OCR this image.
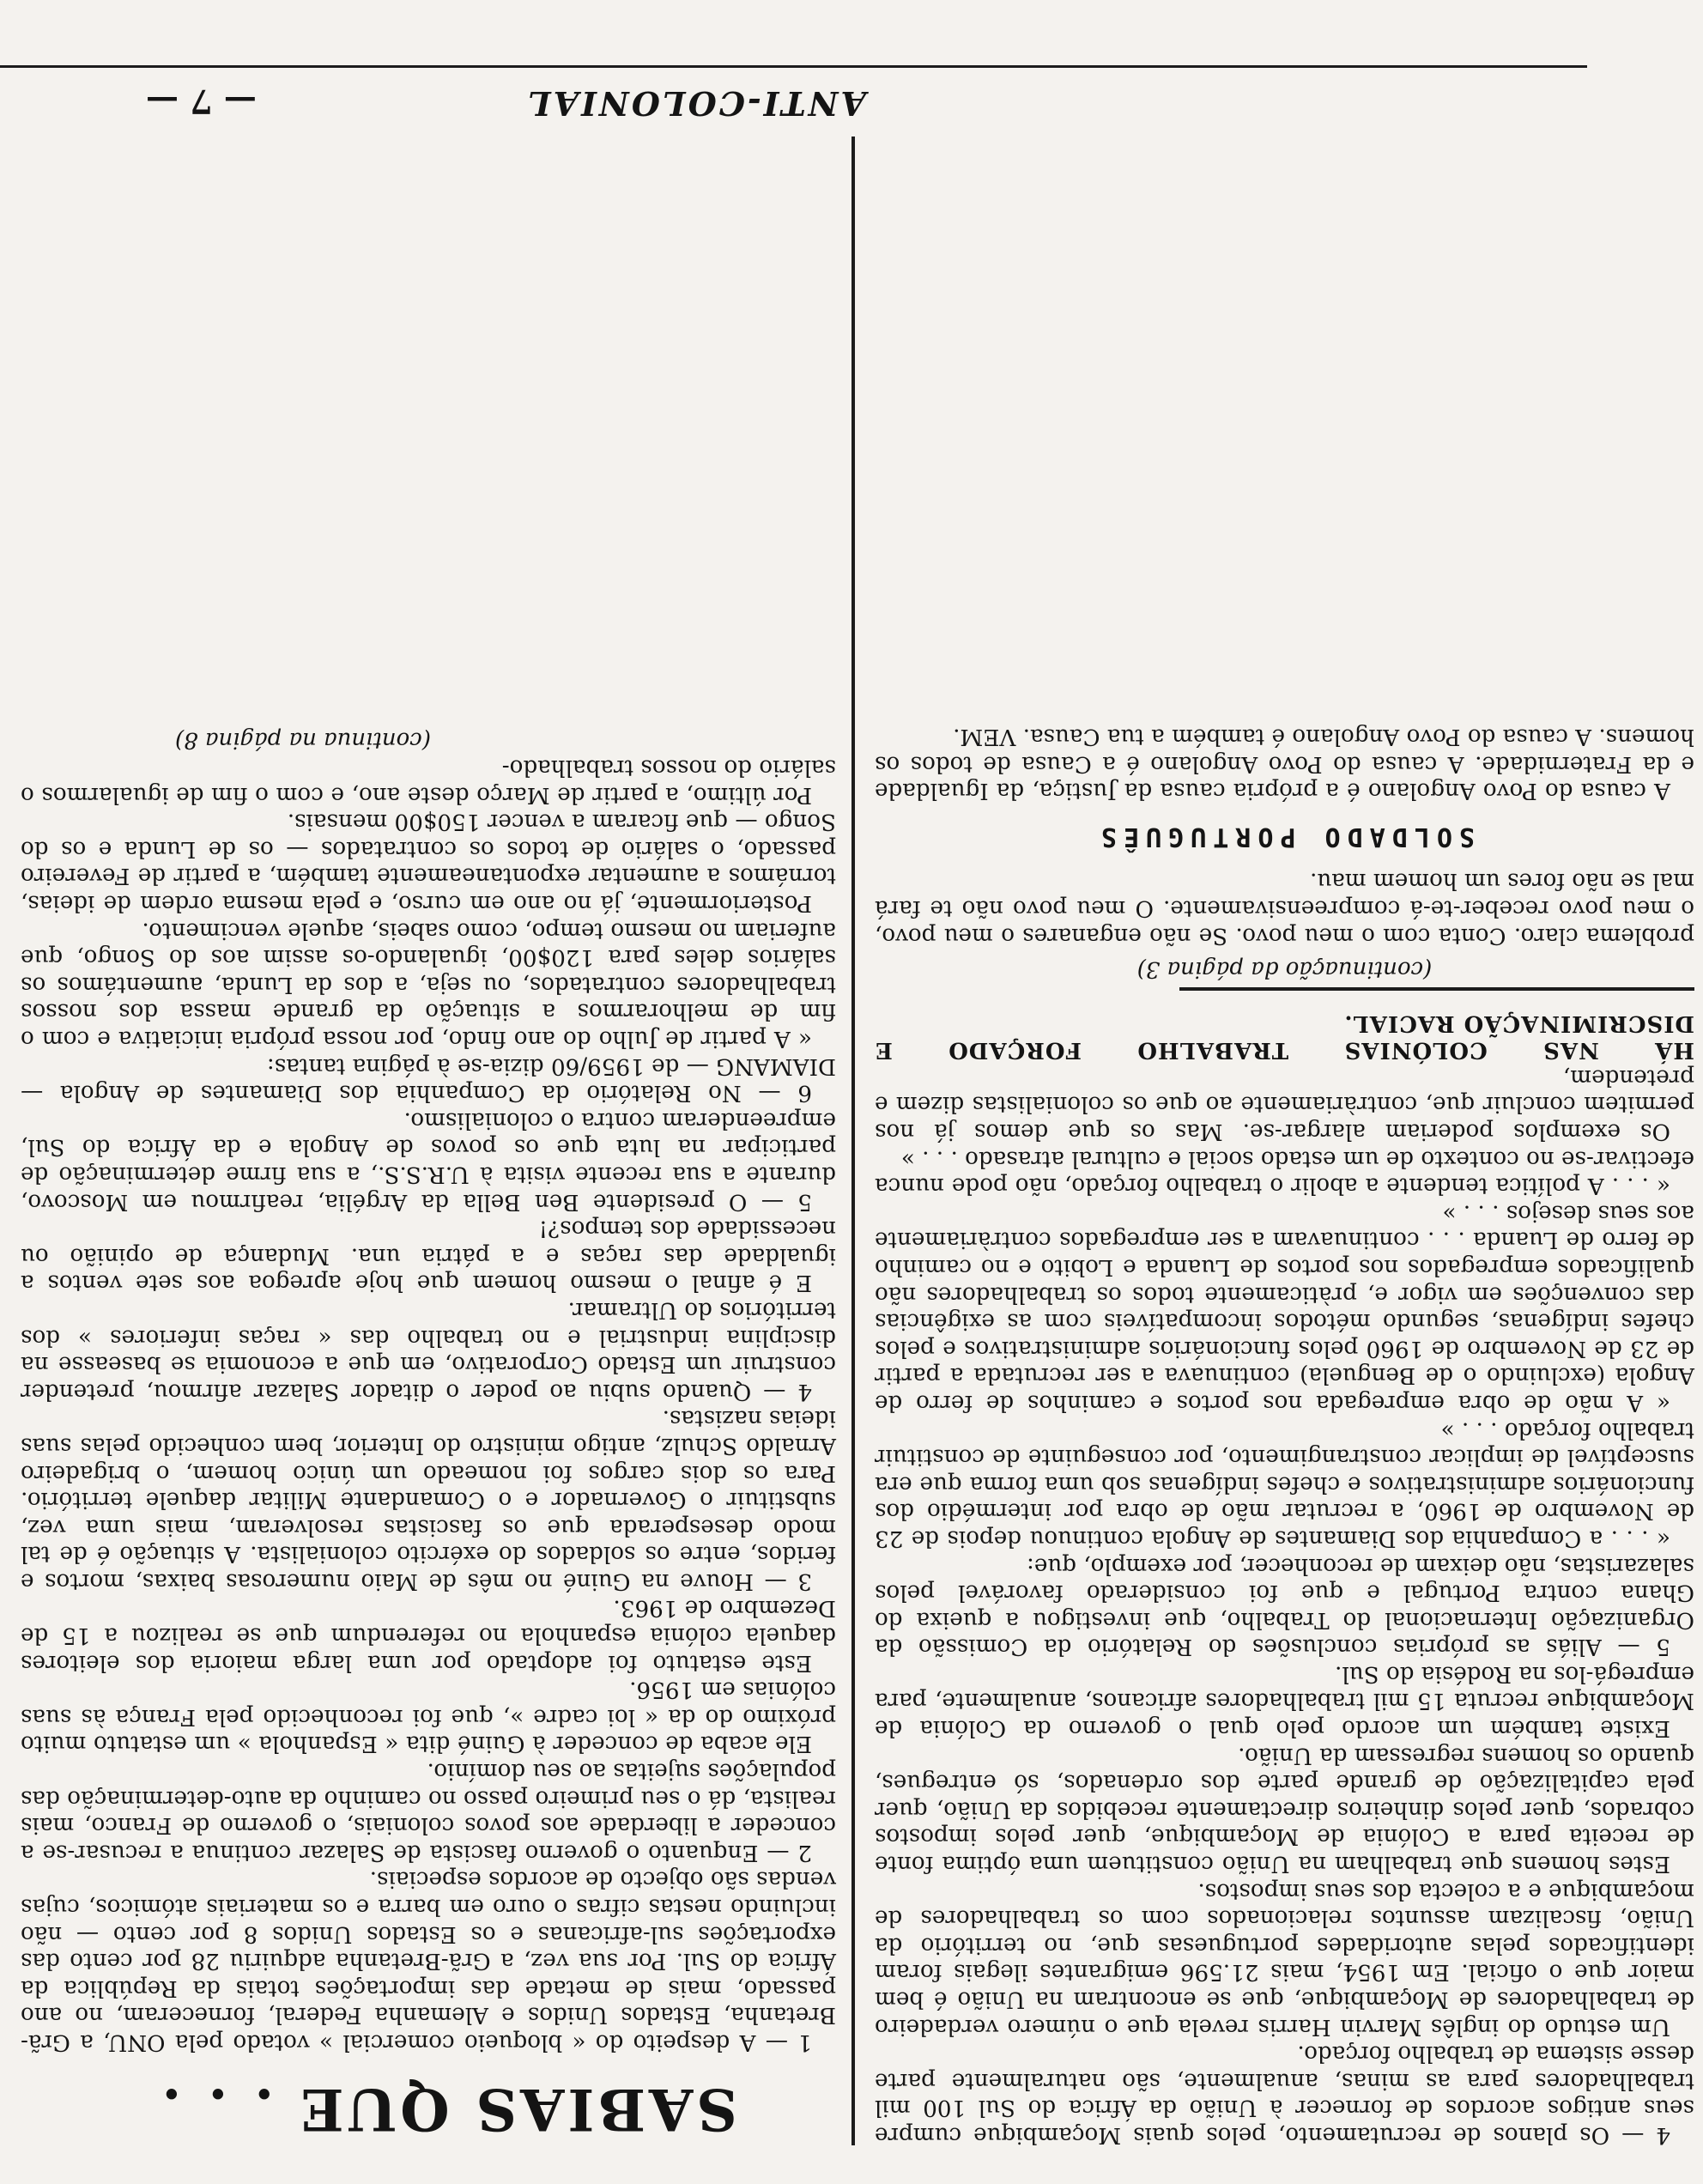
ANTI-COLONIAL
— 7 —

4 — Os planos de recrutamento, pelos quais Moçambique cumpre seus antigos acordos de fornecer à União da África do Sul 100 mil trabalhadores para as minas, anualmente, são naturalmente parte desse sistema de trabalho forçado.

Um estudo do inglês Marvin Harris revela que o número verdadeiro de trabalhadores de Moçambique, que se encontram na União é bem maior que o oficial. Em 1954, mais 21.596 emigrantes ilegais foram identificados pelas autoridades portuguesas que, no território da União, fiscalizam assuntos relacionados com os trabalhadores de moçambique e a colecta dos seus impostos.

Estes homens que trabalham na União constituem uma óptima fonte de receita para a Colónia de Moçambique, quer pelos impostos cobrados, quer pelos dinheiros directamente recebidos da União, quer pela capitalização de grande parte dos ordenados, só entregues, quando os homens regressam da União.

Existe também um acordo pelo qual o governo da Colónia de Moçambique recruta 15 mil trabalhadores africanos, anualmente, para empregá-los na Rodésia do Sul.

5 — Aliás as próprias conclusões do Relatório da Comissão da Organização Internacional do Trabalho, que investigou a queixa do Ghana contra Portugal e que foi considerado favorável pelos salazaristas, não deixam de reconhecer, por exemplo, que:

« . . . a Companhia dos Diamantes de Angola continuou depois de 23 de Novembro de 1960, a recrutar mão de obra por intermédio dos funcionários administrativos e chefes indígenas sob uma forma que era susceptível de implicar constrangimento, por conseguinte de constituir trabalho forçado . . . »

« A mão de obra empregada nos portos e caminhos de ferro de Angola (excluindo o de Benguela) continuava a ser recrutada a partir de 23 de Novembro de 1960 pelos funcionários administrativos e pelos chefes indígenas, segundo métodos incompatíveis com as exigências das convenções em vigor e, pràticamente todos os trabalhadores não qualificados empregados nos portos de Luanda e Lobito e no caminho de ferro de Luanda . . . continuavam a ser empregados contràriamente aos seus desejos . . . »

« . . . A política tendente a abolir o trabalho forçado, não pode nunca efectivar-se no contexto de um estado social e cultural atrasado . . . »

Os exemplos poderiam alargar-se. Mas os que demos já nos permitem concluir que, contràriamente ao que os colonialistas dizem e pretendem,

HÁ NAS COLÓNIAS TRABALHO FORÇADO E DISCRIMINAÇÃO RACIAL.

(continuação da página 3)

problema claro. Conta com o meu povo. Se não enganares o meu povo, o meu povo receber-te-á compreensivamente. O meu povo não te fará mal se não fores um homem mau.

SOLDADO PORTUGUÊS

A causa do Povo Angolano é a própria causa da Justiça, da Igualdade e da Fraternidade. A causa do Povo Angolano é a Causa de todos os homens. A causa do Povo Angolano é também a tua Causa. VEM.

SABIAS QUE . . .

1 — A despeito do « bloqueio comercial » votado pela ONU, a Grã-Bretanha, Estados Unidos e Alemanha Federal, forneceram, no ano passado, mais de metade das importações totais da República da África do Sul. Por sua vez, a Grã-Bretanha adquiriu 28 por cento das exportações sul-africanas e os Estados Unidos 8 por cento — não incluindo nestas cifras o ouro em barra e os materiais atómicos, cujas vendas são objecto de acordos especiais.

2 — Enquanto o governo fascista de Salazar continua a recusar-se a conceder a liberdade aos povos coloniais, o governo de Franco, mais realista, dá o seu primeiro passo no caminho da auto-determinação das populações sujeitas ao seu domínio.

Ele acaba de conceder à Guiné dita « Espanhola » um estatuto muito próximo do da « loi cadre », que foi reconhecido pela França às suas colónias em 1956.

Este estatuto foi adoptado por uma larga maioria dos eleitores daquela colónia espanhola no referendum que se realizou a 15 de Dezembro de 1963.

3 — Houve na Guiné no mês de Maio numerosas baixas, mortos e feridos, entre os soldados do exército colonialista. A situação é de tal modo desesperada que os fascistas resolveram, mais uma vez, substituir o Governador e o Comandante Militar daquele território. Para os dois cargos foi nomeado um único homem, o brigadeiro Arnaldo Schulz, antigo ministro do Interior, bem conhecido pelas suas ideias nazistas.

4 — Quando subiu ao poder o ditador Salazar afirmou, pretender construir um Estado Corporativo, em que a economia se baseasse na disciplina industrial e no trabalho das « raças inferiores » dos territórios do Ultramar.

E é afinal o mesmo homem que hoje apregoa aos sete ventos a igualdade das raças e a pátria una. Mudança de opinião ou necessidade dos tempos?!

5 — O presidente Ben Bella da Argélia, reafirmou em Moscovo, durante a sua recente visita à U.R.S.S., a sua firme determinação de participar na luta que os povos de Angola e da África do Sul, empreenderam contra o colonialismo.

6 — No Relatório da Companhia dos Diamantes de Angola — DIAMANG — de 1959/60 dizia-se à página tantas:

« A partir de Julho do ano findo, por nossa própria iniciativa e com o fim de melhorarmos a situação da grande massa dos nossos trabalhadores contratados, ou seja, a dos da Lunda, aumentámos os salários deles para 120$00, igualando-os assim aos do Songo, que auferiam no mesmo tempo, como sabeis, aquele vencimento.

Posteriormente, já no ano em curso, e pela mesma ordem de ideias, tornámos a aumentar expontaneamente também, a partir de Fevereiro passado, o salário de todos os contratados — os de Lunda e os do Songo — que ficaram a vencer 150$00 mensais.

Por último, a partir de Março deste ano, e com o fim de igualarmos o salário do nossos trabalhado-

(continua na página 8)
